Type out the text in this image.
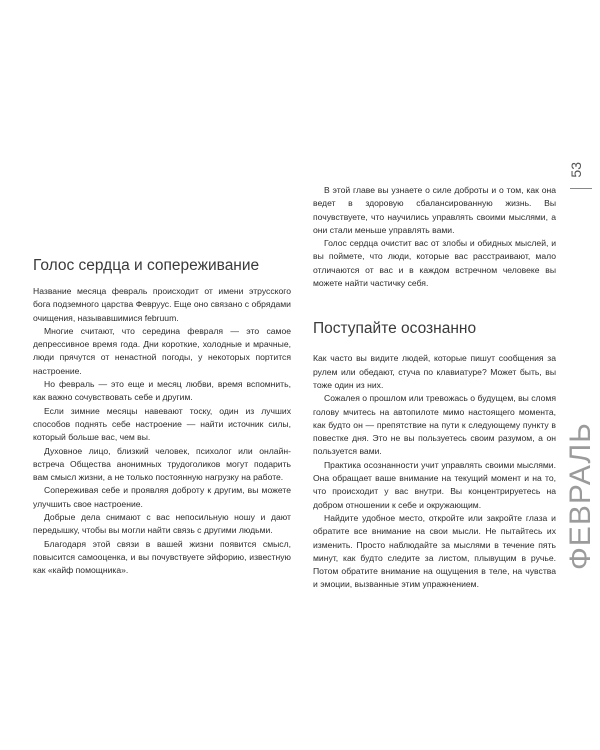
53
ФЕВРАЛЬ
Голос сердца и сопереживание

Название месяца февраль происходит от имени этрусского бога подземного царства Февруус. Еще оно связано с обрядами очищения, называвшимися februum.

Многие считают, что середина февраля — это самое депрессивное время года. Дни короткие, холодные и мрачные, люди прячутся от ненастной погоды, у некоторых портится настроение.

Но февраль — это еще и месяц любви, время вспомнить, как важно сочувствовать себе и другим.

Если зимние месяцы навевают тоску, один из лучших способов поднять себе настроение — найти источник силы, который больше вас, чем вы.

Духовное лицо, близкий человек, психолог или онлайн-встреча Общества анонимных трудоголиков могут подарить вам смысл жизни, а не только постоянную нагрузку на работе.

Сопереживая себе и проявляя доброту к другим, вы можете улучшить свое настроение.

Добрые дела снимают с вас непосильную ношу и дают передышку, чтобы вы могли найти связь с другими людьми.

Благодаря этой связи в вашей жизни появится смысл, повысится самооценка, и вы почувствуете эйфорию, известную как «кайф помощника».

В этой главе вы узнаете о силе доброты и о том, как она ведет в здоровую сбалансированную жизнь. Вы почувствуете, что научились управлять своими мыслями, а они стали меньше управлять вами.

Голос сердца очистит вас от злобы и обидных мыслей, и вы поймете, что люди, которые вас расстраивают, мало отличаются от вас и в каждом встречном человеке вы можете найти частичку себя.

Поступайте осознанно

Как часто вы видите людей, которые пишут сообщения за рулем или обедают, стуча по клавиатуре? Может быть, вы тоже один из них.

Сожалея о прошлом или тревожась о будущем, вы сломя голову мчитесь на автопилоте мимо настоящего момента, как будто он — препятствие на пути к следующему пункту в повестке дня. Это не вы пользуетесь своим разумом, а он пользуется вами.

Практика осознанности учит управлять своими мыслями. Она обращает ваше внимание на текущий момент и на то, что происходит у вас внутри. Вы концентрируетесь на добром отношении к себе и окружающим.

Найдите удобное место, откройте или закройте глаза и обратите все внимание на свои мысли. Не пытайтесь их изменить. Просто наблюдайте за мыслями в течение пять минут, как будто следите за листом, плывущим в ручье. Потом обратите внимание на ощущения в теле, на чувства и эмоции, вызванные этим упражнением.
